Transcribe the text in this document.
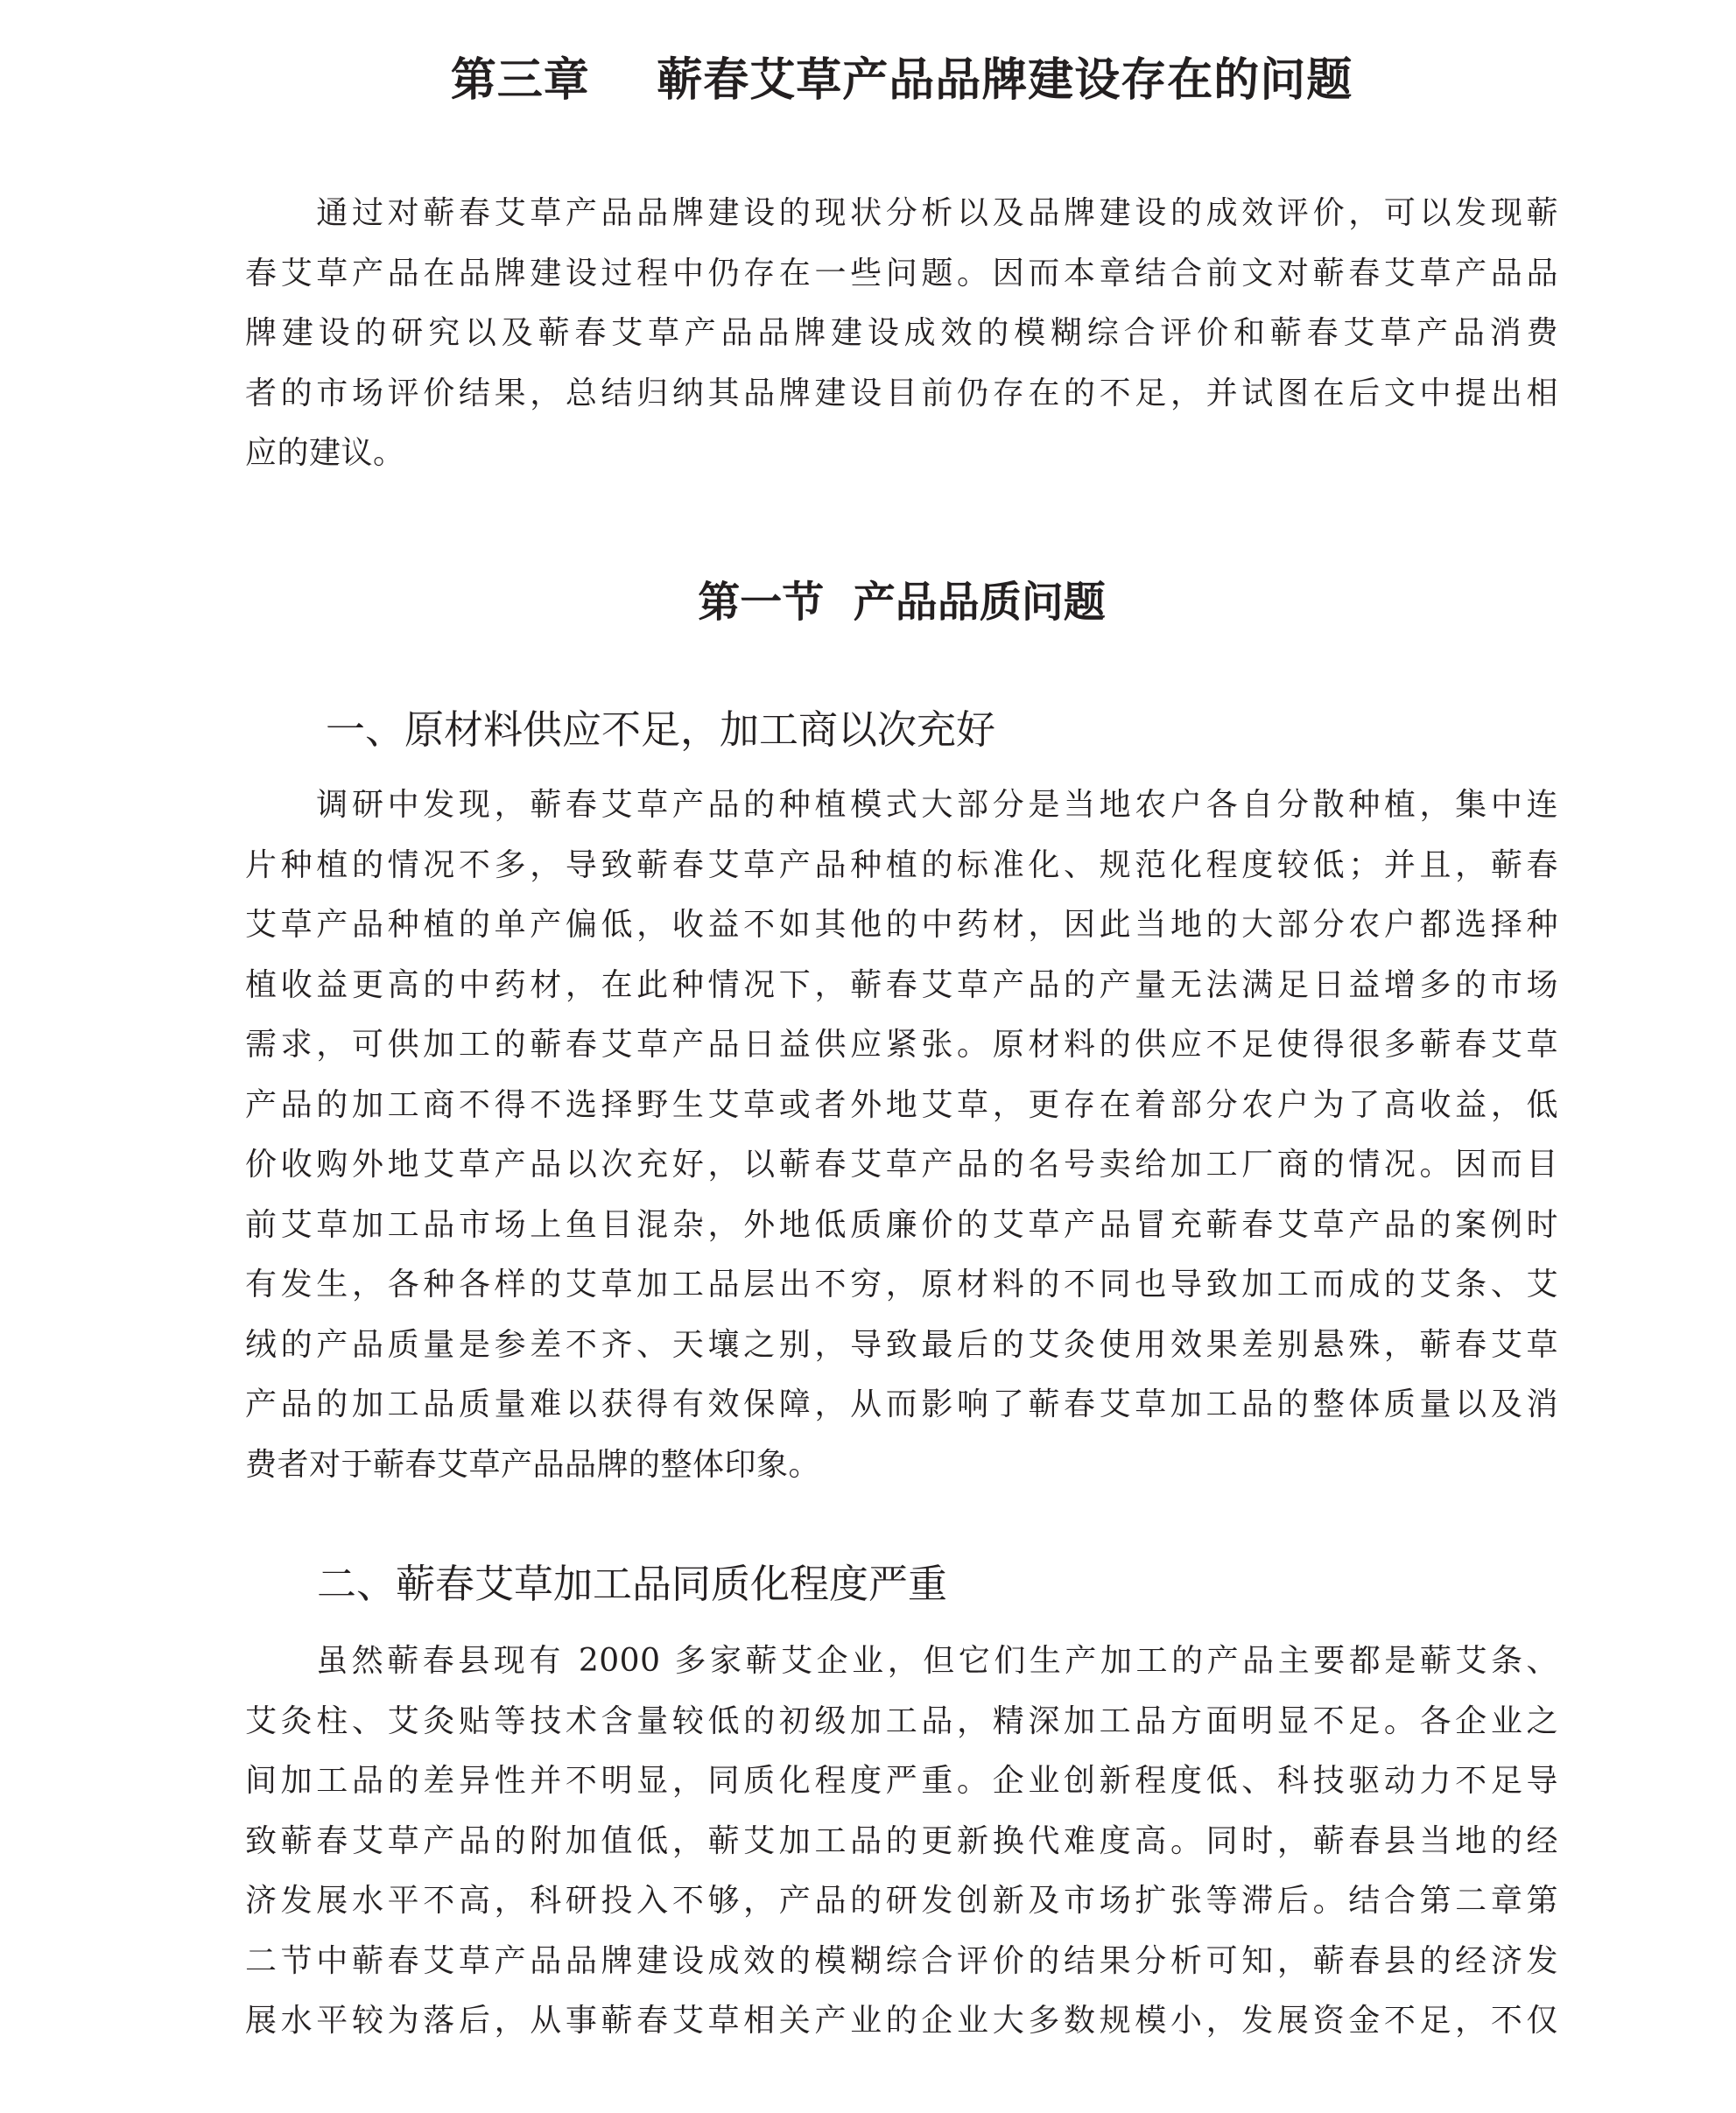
第三章    蕲春艾草产品品牌建设存在的问题
　　通过对蕲春艾草产品品牌建设的现状分析以及品牌建设的成效评价，可以发现蕲
春艾草产品在品牌建设过程中仍存在一些问题。因而本章结合前文对蕲春艾草产品品
牌建设的研究以及蕲春艾草产品品牌建设成效的模糊综合评价和蕲春艾草产品消费
者的市场评价结果，总结归纳其品牌建设目前仍存在的不足，并试图在后文中提出相
应的建议。
第一节  产品品质问题
一、原材料供应不足，加工商以次充好
　　调研中发现，蕲春艾草产品的种植模式大部分是当地农户各自分散种植，集中连
片种植的情况不多，导致蕲春艾草产品种植的标准化、规范化程度较低；并且，蕲春
艾草产品种植的单产偏低，收益不如其他的中药材，因此当地的大部分农户都选择种
植收益更高的中药材，在此种情况下，蕲春艾草产品的产量无法满足日益增多的市场
需求，可供加工的蕲春艾草产品日益供应紧张。原材料的供应不足使得很多蕲春艾草
产品的加工商不得不选择野生艾草或者外地艾草，更存在着部分农户为了高收益，低
价收购外地艾草产品以次充好，以蕲春艾草产品的名号卖给加工厂商的情况。因而目
前艾草加工品市场上鱼目混杂，外地低质廉价的艾草产品冒充蕲春艾草产品的案例时
有发生，各种各样的艾草加工品层出不穷，原材料的不同也导致加工而成的艾条、艾
绒的产品质量是参差不齐、天壤之别，导致最后的艾灸使用效果差别悬殊，蕲春艾草
产品的加工品质量难以获得有效保障，从而影响了蕲春艾草加工品的整体质量以及消
费者对于蕲春艾草产品品牌的整体印象。
二、蕲春艾草加工品同质化程度严重
　　虽然蕲春县现有 2000 多家蕲艾企业，但它们生产加工的产品主要都是蕲艾条、
艾灸柱、艾灸贴等技术含量较低的初级加工品，精深加工品方面明显不足。各企业之
间加工品的差异性并不明显，同质化程度严重。企业创新程度低、科技驱动力不足导
致蕲春艾草产品的附加值低，蕲艾加工品的更新换代难度高。同时，蕲春县当地的经
济发展水平不高，科研投入不够，产品的研发创新及市场扩张等滞后。结合第二章第
二节中蕲春艾草产品品牌建设成效的模糊综合评价的结果分析可知，蕲春县的经济发
展水平较为落后，从事蕲春艾草相关产业的企业大多数规模小，发展资金不足，不仅
